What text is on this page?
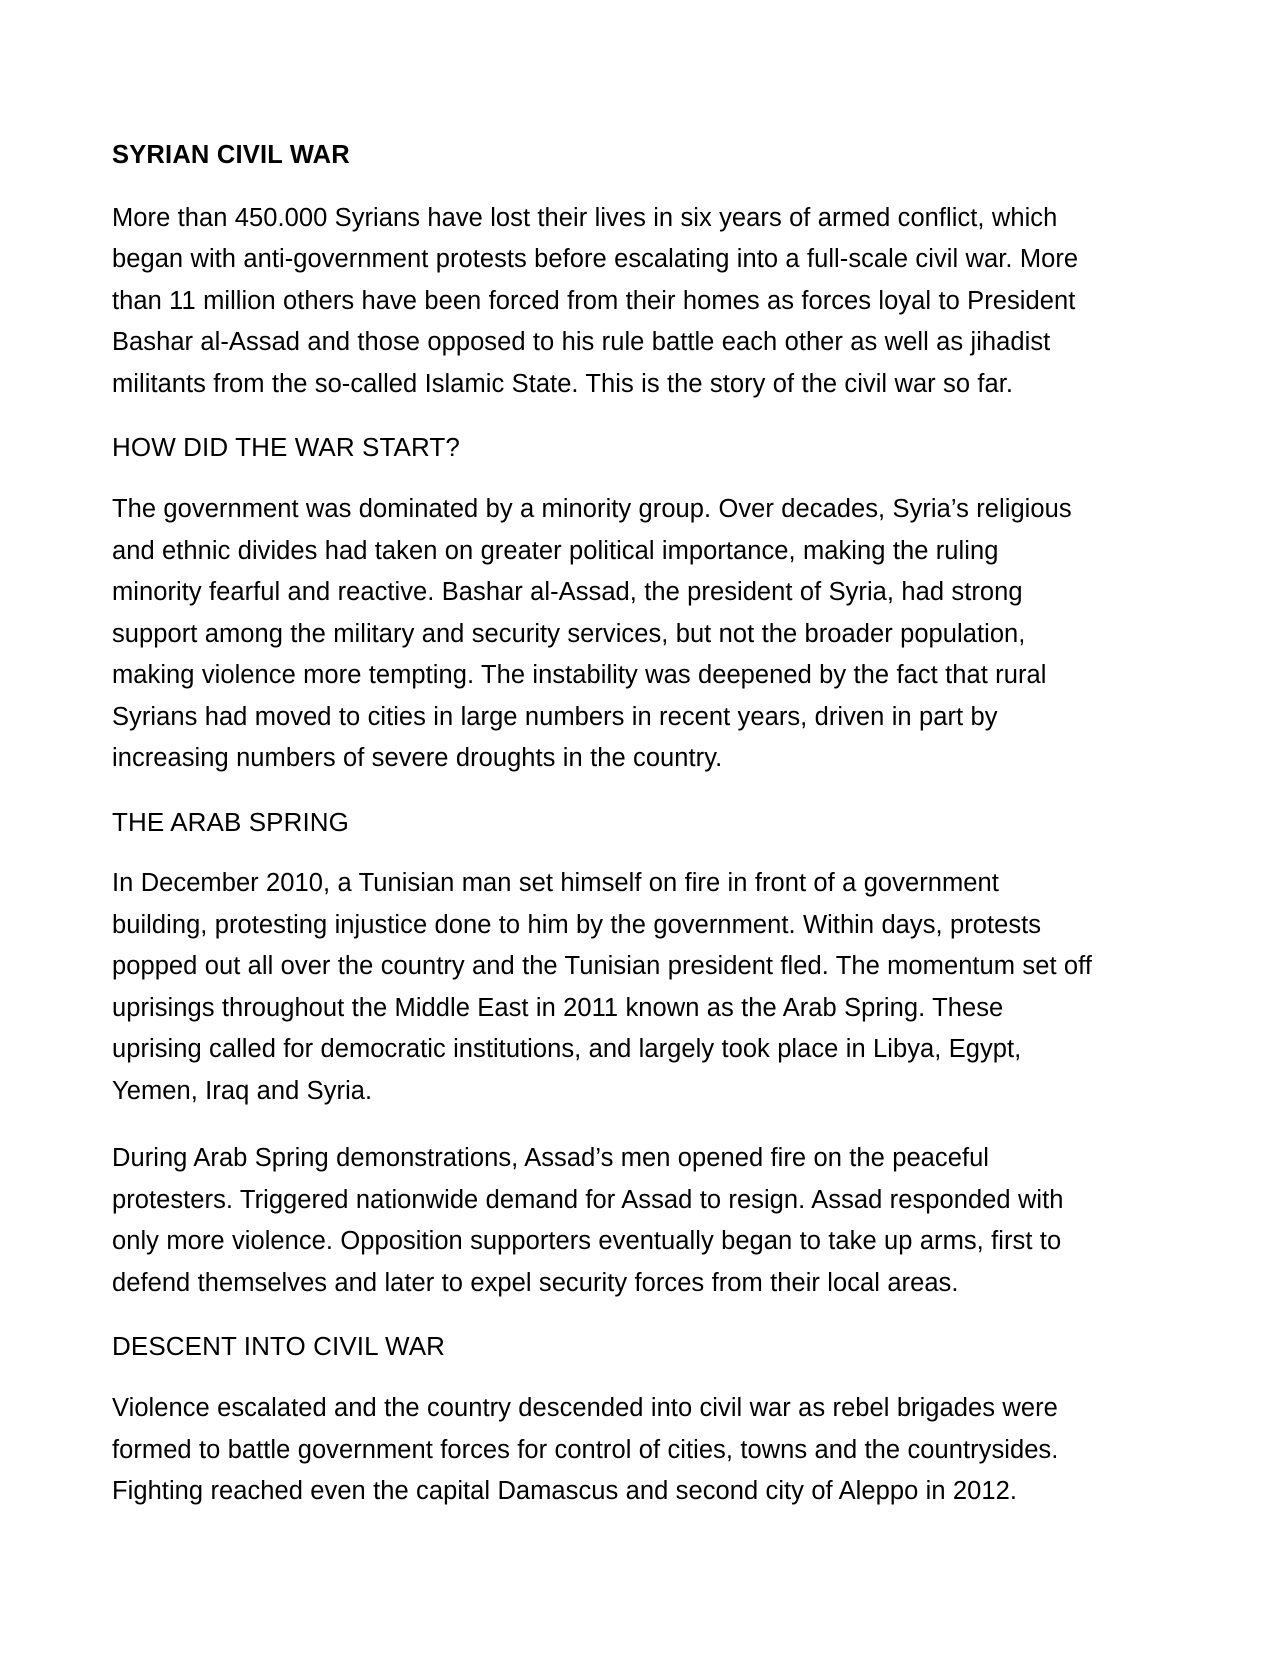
SYRIAN CIVIL WAR

More than 450.000 Syrians have lost their lives in six years of armed conflict, which began with anti-government protests before escalating into a full-scale civil war. More than 11 million others have been forced from their homes as forces loyal to President Bashar al-Assad and those opposed to his rule battle each other as well as jihadist militants from the so-called Islamic State. This is the story of the civil war so far.

HOW DID THE WAR START?

The government was dominated by a minority group. Over decades, Syria’s religious and ethnic divides had taken on greater political importance, making the ruling minority fearful and reactive. Bashar al-Assad, the president of Syria, had strong support among the military and security services, but not the broader population, making violence more tempting. The instability was deepened by the fact that rural Syrians had moved to cities in large numbers in recent years, driven in part by increasing numbers of severe droughts in the country.

THE ARAB SPRING

In December 2010, a Tunisian man set himself on fire in front of a government building, protesting injustice done to him by the government. Within days, protests popped out all over the country and the Tunisian president fled. The momentum set off uprisings throughout the Middle East in 2011 known as the Arab Spring. These uprising called for democratic institutions, and largely took place in Libya, Egypt, Yemen, Iraq and Syria.

During Arab Spring demonstrations, Assad’s men opened fire on the peaceful protesters. Triggered nationwide demand for Assad to resign. Assad responded with only more violence. Opposition supporters eventually began to take up arms, first to defend themselves and later to expel security forces from their local areas.

DESCENT INTO CIVIL WAR

Violence escalated and the country descended into civil war as rebel brigades were formed to battle government forces for control of cities, towns and the countrysides. Fighting reached even the capital Damascus and second city of Aleppo in 2012.
